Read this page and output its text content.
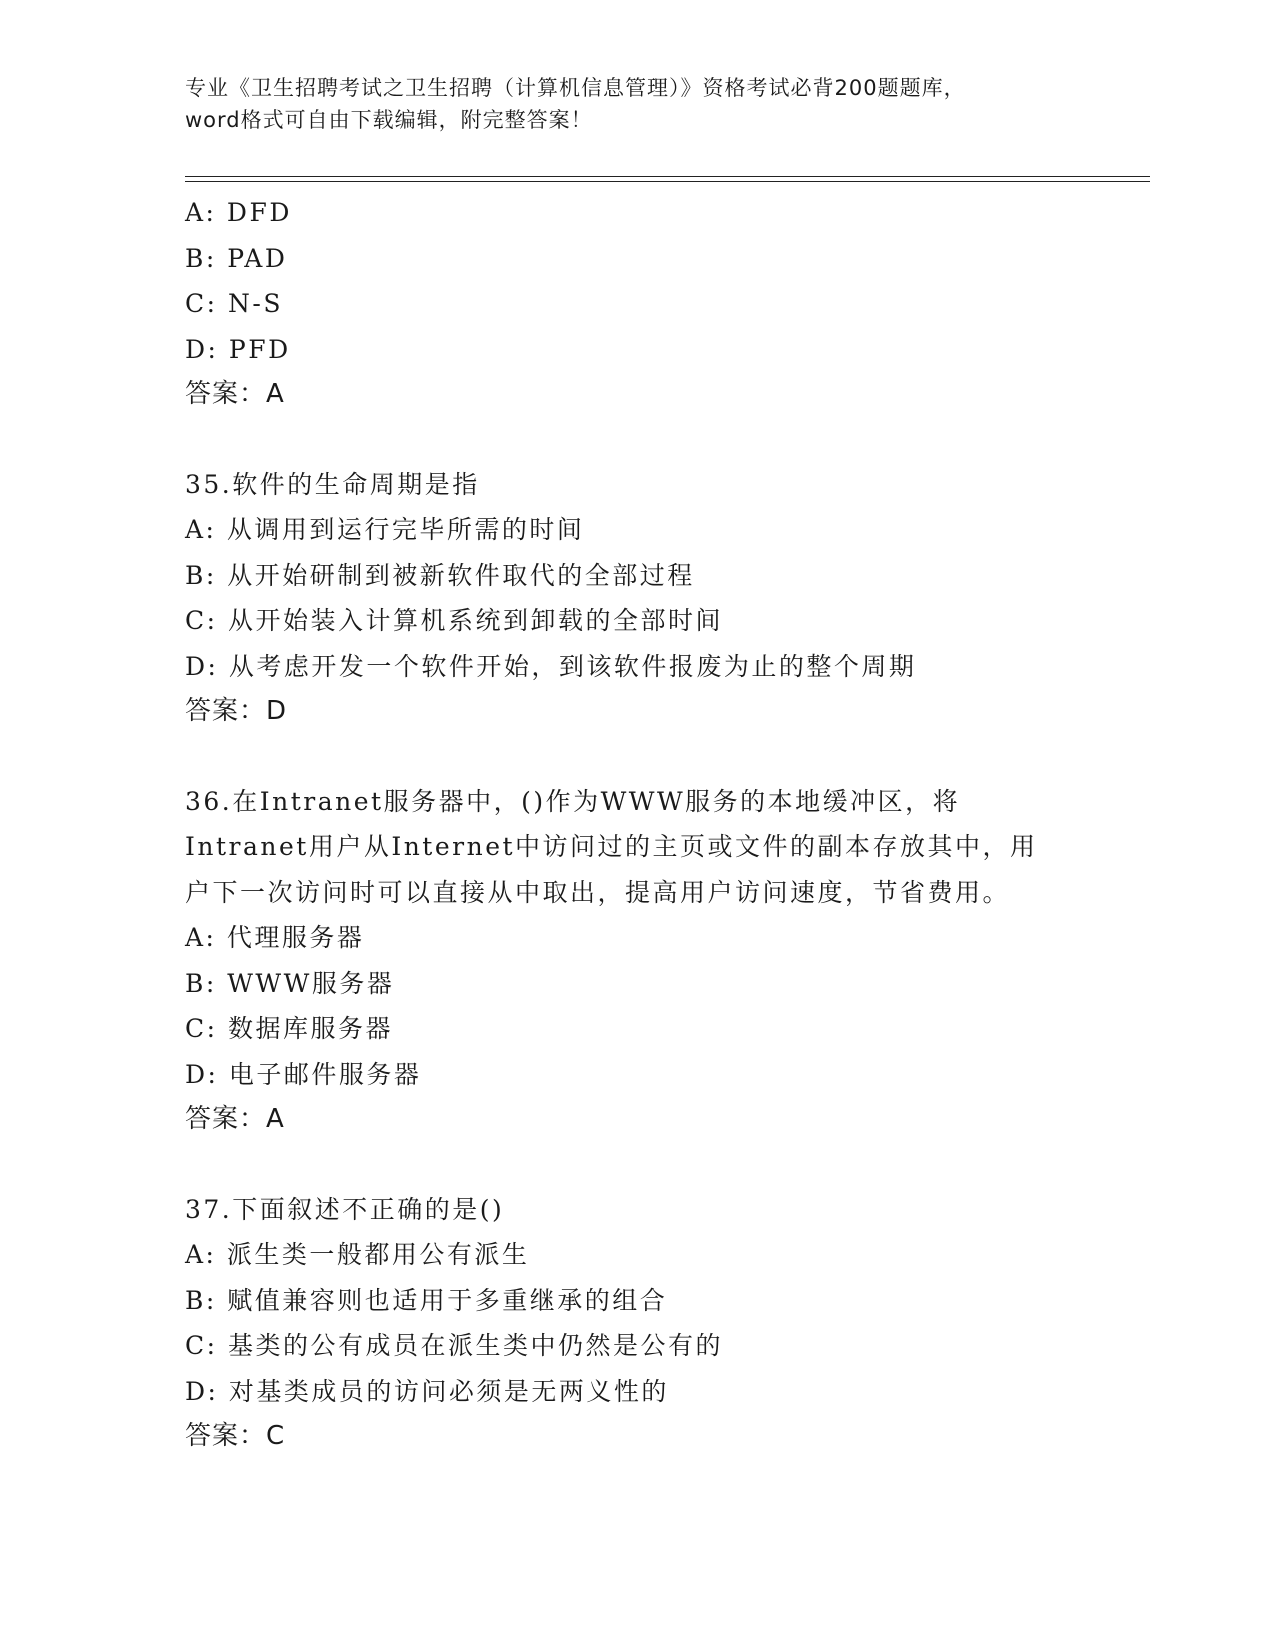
专业《卫生招聘考试之卫生招聘（计算机信息管理）》资格考试必背200题题库，
word格式可自由下载编辑，附完整答案！
A: DFD
B: PAD
C: N-S
D: PFD
答案：A
35.软件的生命周期是指
A: 从调用到运行完毕所需的时间
B: 从开始研制到被新软件取代的全部过程
C: 从开始装入计算机系统到卸载的全部时间
D: 从考虑开发一个软件开始，到该软件报废为止的整个周期
答案：D
36.在Intranet服务器中，()作为WWW服务的本地缓冲区，将
Intranet用户从Internet中访问过的主页或文件的副本存放其中，用
户下一次访问时可以直接从中取出，提高用户访问速度，节省费用。
A: 代理服务器
B: WWW服务器
C: 数据库服务器
D: 电子邮件服务器
答案：A
37.下面叙述不正确的是()
A: 派生类一般都用公有派生
B: 赋值兼容则也适用于多重继承的组合
C: 基类的公有成员在派生类中仍然是公有的
D: 对基类成员的访问必须是无两义性的
答案：C
